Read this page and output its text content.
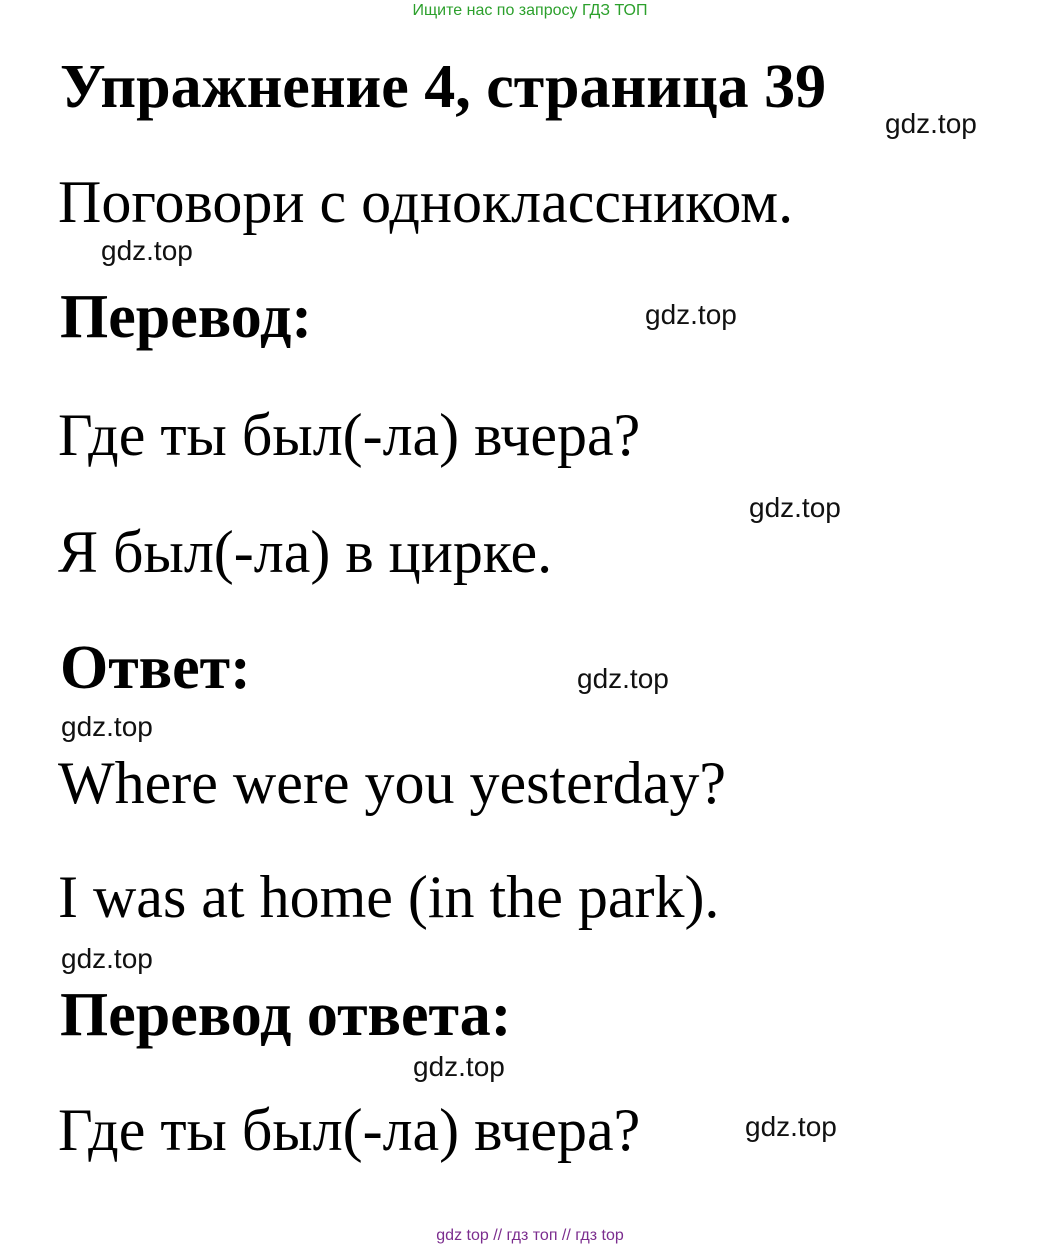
Ищите нас по запросу ГДЗ ТОП
Упражнение 4, страница 39
gdz.top
Поговори с одноклассником.
gdz.top
Перевод:	gdz.top
Где ты был(-ла) вчера?
gdz.top
Я был(-ла) в цирке.
Ответ:	gdz.top
gdz.top
Where were you yesterday?
I was at home (in the park).
gdz.top
Перевод ответа:
gdz.top
Где ты был(-ла) вчера?	gdz.top
gdz top // гдз топ // гдз top
